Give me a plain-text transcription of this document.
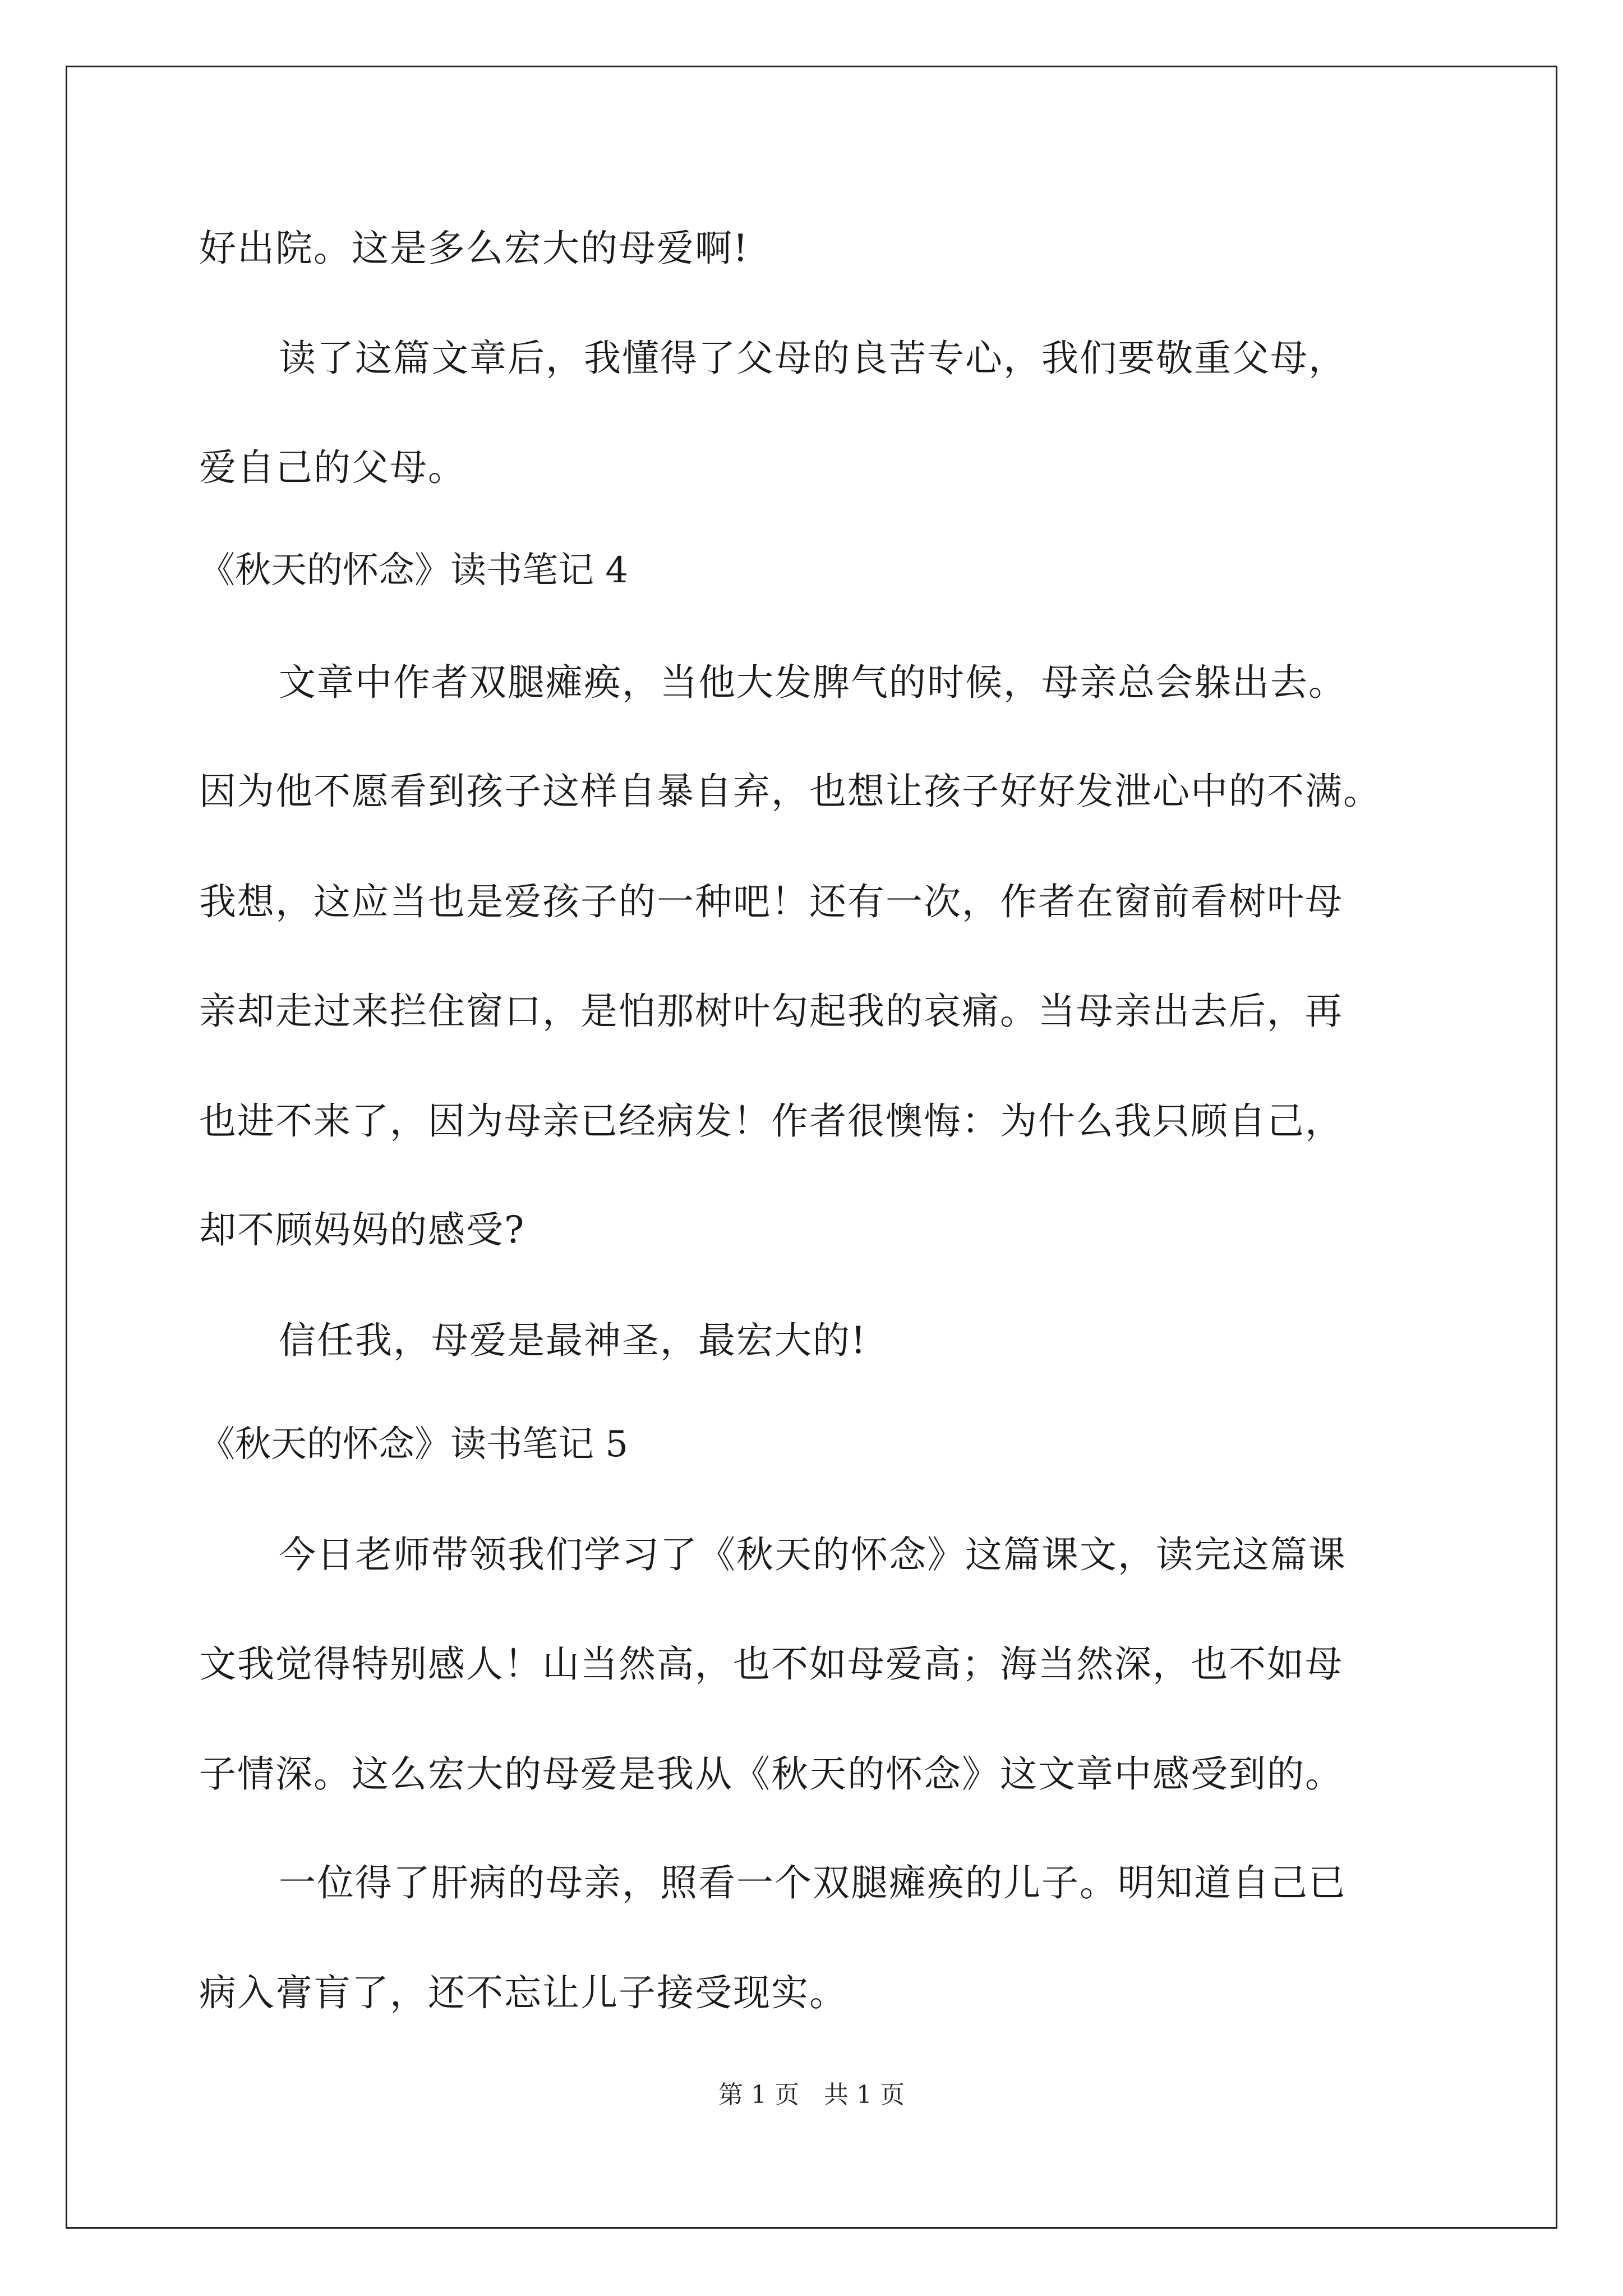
好出院。这是多么宏大的母爱啊!
读了这篇文章后，我懂得了父母的良苦专心，我们要敬重父母，
爱自己的父母。
《秋天的怀念》读书笔记 4
文章中作者双腿瘫痪，当他大发脾气的时候，母亲总会躲出去。
因为他不愿看到孩子这样自暴自弃，也想让孩子好好发泄心中的不满。
我想，这应当也是爱孩子的一种吧！还有一次，作者在窗前看树叶母
亲却走过来拦住窗口，是怕那树叶勾起我的哀痛。当母亲出去后，再
也进不来了，因为母亲已经病发！作者很懊悔：为什么我只顾自己，
却不顾妈妈的感受?
信任我，母爱是最神圣，最宏大的!
《秋天的怀念》读书笔记 5
今日老师带领我们学习了《秋天的怀念》这篇课文，读完这篇课
文我觉得特别感人！山当然高，也不如母爱高；海当然深，也不如母
子情深。这么宏大的母爱是我从《秋天的怀念》这文章中感受到的。
一位得了肝病的母亲，照看一个双腿瘫痪的儿子。明知道自己已
病入膏肓了，还不忘让儿子接受现实。
第 1 页　共 1 页
